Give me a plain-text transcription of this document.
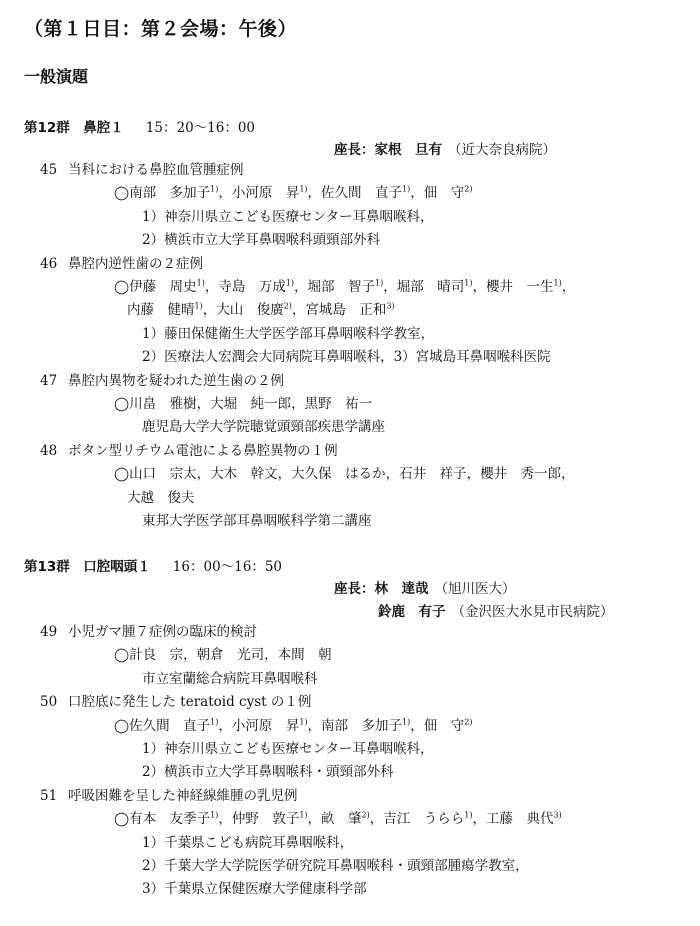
（第１日目：第２会場：午後）
一般演題
第12群　鼻腔１ 15：20〜16：00
座長：家根　旦有 （近大奈良病院）
45 当科における鼻腔血管腫症例
◯南部　多加子$^{1)}$，小河原　昇$^{1)}$，佐久間　直子$^{1)}$，佃　守$^{2)}$
1）神奈川県立こども医療センター耳鼻咽喉科，
2）横浜市立大学耳鼻咽喉科頭頸部外科
46 鼻腔内逆性歯の２症例
◯伊藤　周史$^{1)}$，寺島　万成$^{1)}$，堀部　智子$^{1)}$，堀部　晴司$^{1)}$，櫻井　一生$^{1)}$，
内藤　健晴$^{1)}$，大山　俊廣$^{2)}$，宮城島　正和$^{3)}$
1）藤田保健衛生大学医学部耳鼻咽喉科学教室，
2）医療法人宏潤会大同病院耳鼻咽喉科，3）宮城島耳鼻咽喉科医院
47 鼻腔内異物を疑われた逆生歯の２例
◯川畠　雅樹，大堀　純一郎，黒野　祐一
鹿児島大学大学院聴覚頭頸部疾患学講座
48 ボタン型リチウム電池による鼻腔異物の１例
◯山口　宗太，大木　幹文，大久保　はるか，石井　祥子，櫻井　秀一郎，
大越　俊夫
東邦大学医学部耳鼻咽喉科学第二講座
第13群　口腔咽頭１ 16：00〜16：50
座長：林　達哉 （旭川医大）
鈴鹿　有子 （金沢医大氷見市民病院）
49 小児ガマ腫７症例の臨床的検討
◯計良　宗，朝倉　光司，本間　朝
市立室蘭総合病院耳鼻咽喉科
50 口腔底に発生した teratoid cyst の１例
◯佐久間　直子$^{1)}$，小河原　昇$^{1)}$，南部　多加子$^{1)}$，佃　守$^{2)}$
1）神奈川県立こども医療センター耳鼻咽喉科，
2）横浜市立大学耳鼻咽喉科・頭頸部外科
51 呼吸困難を呈した神経線維腫の乳児例
◯有本　友季子$^{1)}$，仲野　敦子$^{1)}$，畝　肇$^{2)}$，吉江　うらら$^{1)}$，工藤　典代$^{3)}$
1）千葉県こども病院耳鼻咽喉科，
2）千葉大学大学院医学研究院耳鼻咽喉科・頭頸部腫瘍学教室，
3）千葉県立保健医療大学健康科学部
